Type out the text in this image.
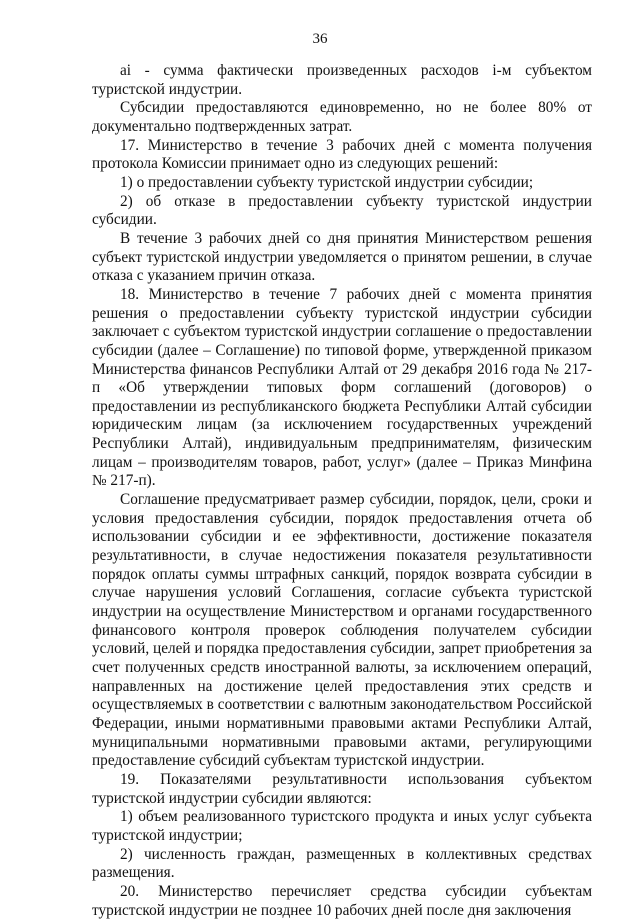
36

ai - сумма фактически произведенных расходов i-м субъектом туристской индустрии.

Субсидии предоставляются единовременно, но не более 80% от документально подтвержденных затрат.

17. Министерство в течение 3 рабочих дней с момента получения протокола Комиссии принимает одно из следующих решений:

1) о предоставлении субъекту туристской индустрии субсидии;

2) об отказе в предоставлении субъекту туристской индустрии субсидии.

В течение 3 рабочих дней со дня принятия Министерством решения субъект туристской индустрии уведомляется о принятом решении, в случае отказа с указанием причин отказа.

18. Министерство в течение 7 рабочих дней с момента принятия решения о предоставлении субъекту туристской индустрии субсидии заключает с субъектом туристской индустрии соглашение о предоставлении субсидии (далее – Соглашение) по типовой форме, утвержденной приказом Министерства финансов Республики Алтай от 29 декабря 2016 года № 217-п «Об утверждении типовых форм соглашений (договоров) о предоставлении из республиканского бюджета Республики Алтай субсидии юридическим лицам (за исключением государственных учреждений Республики Алтай), индивидуальным предпринимателям, физическим лицам – производителям товаров, работ, услуг» (далее – Приказ Минфина № 217-п).

Соглашение предусматривает размер субсидии, порядок, цели, сроки и условия предоставления субсидии, порядок предоставления отчета об использовании субсидии и ее эффективности, достижение показателя результативности, в случае недостижения показателя результативности порядок оплаты суммы штрафных санкций, порядок возврата субсидии в случае нарушения условий Соглашения, согласие субъекта туристской индустрии на осуществление Министерством и органами государственного финансового контроля проверок соблюдения получателем субсидии условий, целей и порядка предоставления субсидии, запрет приобретения за счет полученных средств иностранной валюты, за исключением операций, направленных на достижение целей предоставления этих средств и осуществляемых в соответствии с валютным законодательством Российской Федерации, иными нормативными правовыми актами Республики Алтай, муниципальными нормативными правовыми актами, регулирующими предоставление субсидий субъектам туристской индустрии.

19. Показателями результативности использования субъектом туристской индустрии субсидии являются:

1) объем реализованного туристского продукта и иных услуг субъекта туристской индустрии;

2) численность граждан, размещенных в коллективных средствах размещения.

20. Министерство перечисляет средства субсидии субъектам туристской индустрии не позднее 10 рабочих дней после дня заключения
